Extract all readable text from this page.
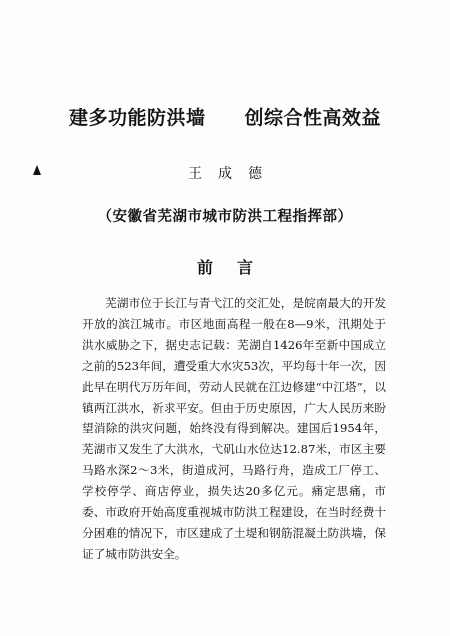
建多功能防洪墙　　创综合性高效益
王成德
（安徽省芜湖市城市防洪工程指挥部）
前言
芜湖市位于长江与青弋江的交汇处，是皖南最大的开发开放的滨江城市。市区地面高程一般在8—9米，汛期处于洪水威胁之下，据史志记载：芜湖自1426年至新中国成立之前的523年间，遭受重大水灾53次，平均每十年一次，因此早在明代万历年间，劳动人民就在江边修建“中江塔”，以镇两江洪水，祈求平安。但由于历史原因，广大人民历来盼望消除的洪灾问题，始终没有得到解决。建国后1954年，芜湖市又发生了大洪水，弋矶山水位达12.87米，市区主要马路水深2～3米，街道成河，马路行舟，造成工厂停工、学校停学、商店停业，损失达20多亿元。痛定思痛，市委、市政府开始高度重视城市防洪工程建设，在当时经费十分困难的情况下，市区建成了土堤和钢筋混凝土防洪墙，保证了城市防洪安全。
